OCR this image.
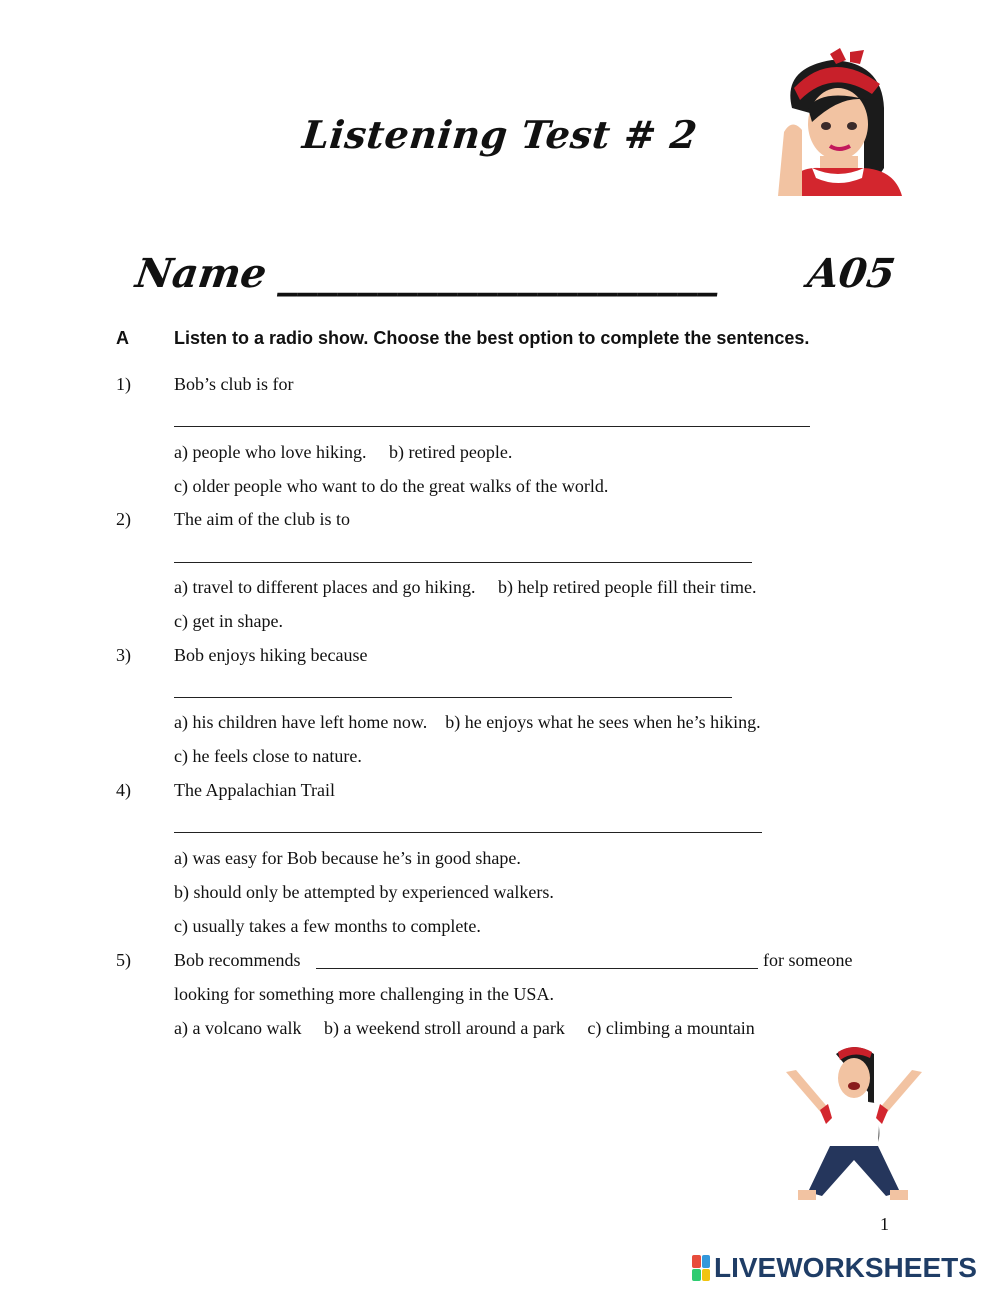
Listening Test # 2
Name ______________________ A05
A	Listen to a radio show. Choose the best option to complete the sentences.
1) Bob’s club is for
a) people who love hiking.     b) retired people.
c) older people who want to do the great walks of the world.
2) The aim of the club is to
a) travel to different places and go hiking.     b) help retired people fill their time.
c) get in shape.
3) Bob enjoys hiking because
a) his children have left home now.    b) he enjoys what he sees when he’s hiking.
c) he feels close to nature.
4) The Appalachian Trail
a) was easy for Bob because he’s in good shape.
b) should only be attempted by experienced walkers.
c) usually takes a few months to complete.
5) Bob recommends	for someone
looking for something more challenging in the USA.
a) a volcano walk     b) a weekend stroll around a park     c) climbing a mountain
1
LIVEWORKSHEETS
